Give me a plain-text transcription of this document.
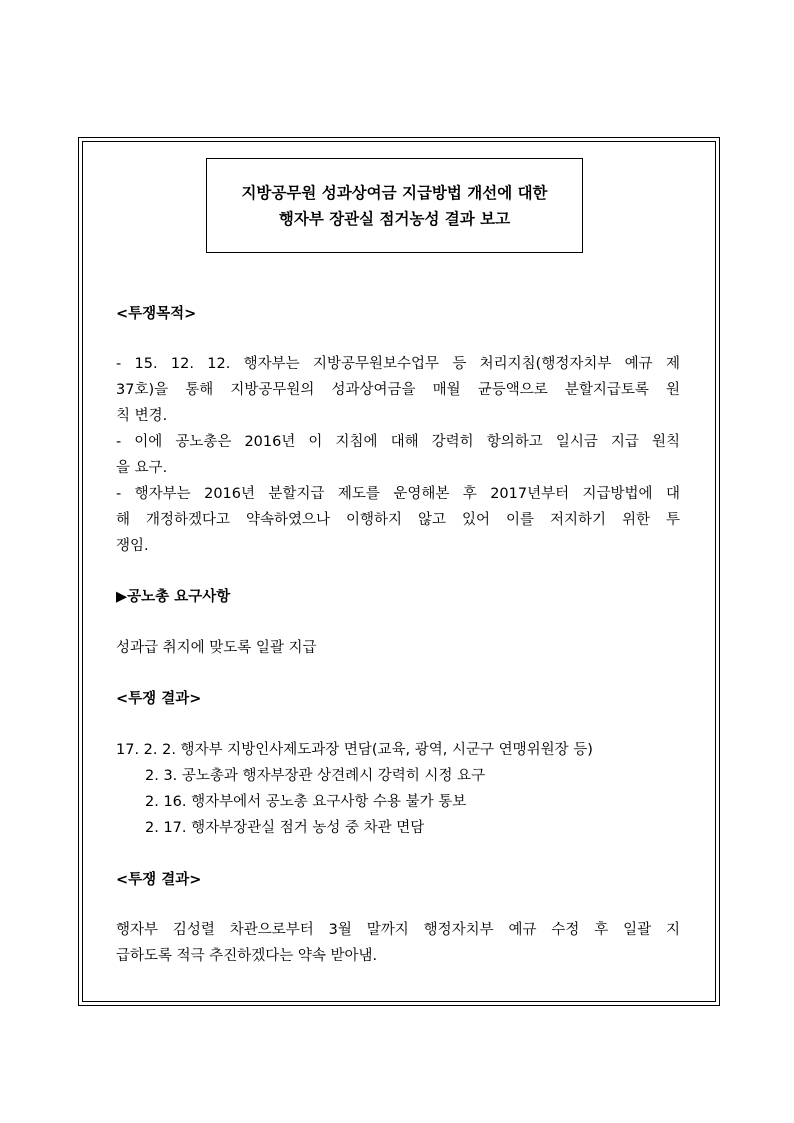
지방공무원 성과상여금 지급방법 개선에 대한
행자부 장관실 점거농성 결과 보고
<투쟁목적>
- 15. 12. 12. 행자부는 지방공무원보수업무 등 처리지침(행정자치부 예규 제
37호)을 통해 지방공무원의 성과상여금을 매월 균등액으로 분할지급토록 원
칙 변경.
- 이에 공노총은 2016년 이 지침에 대해 강력히 항의하고 일시금 지급 원칙
을 요구.
- 행자부는 2016년 분할지급 제도를 운영해본 후 2017년부터 지급방법에 대
해 개정하겠다고 약속하였으나 이행하지 않고 있어 이를 저지하기 위한 투
쟁임.
▶공노총 요구사항
성과급 취지에 맞도록 일괄 지급
<투쟁 결과>
17. 2. 2. 행자부 지방인사제도과장 면담(교육, 광역, 시군구 연맹위원장 등)
2. 3. 공노총과 행자부장관 상견례시 강력히 시정 요구
2. 16. 행자부에서 공노총 요구사항 수용 불가 통보
2. 17. 행자부장관실 점거 농성 중 차관 면담
<투쟁 결과>
행자부 김성렬 차관으로부터 3월 말까지 행정자치부 예규 수정 후 일괄 지
급하도록 적극 추진하겠다는 약속 받아냄.
